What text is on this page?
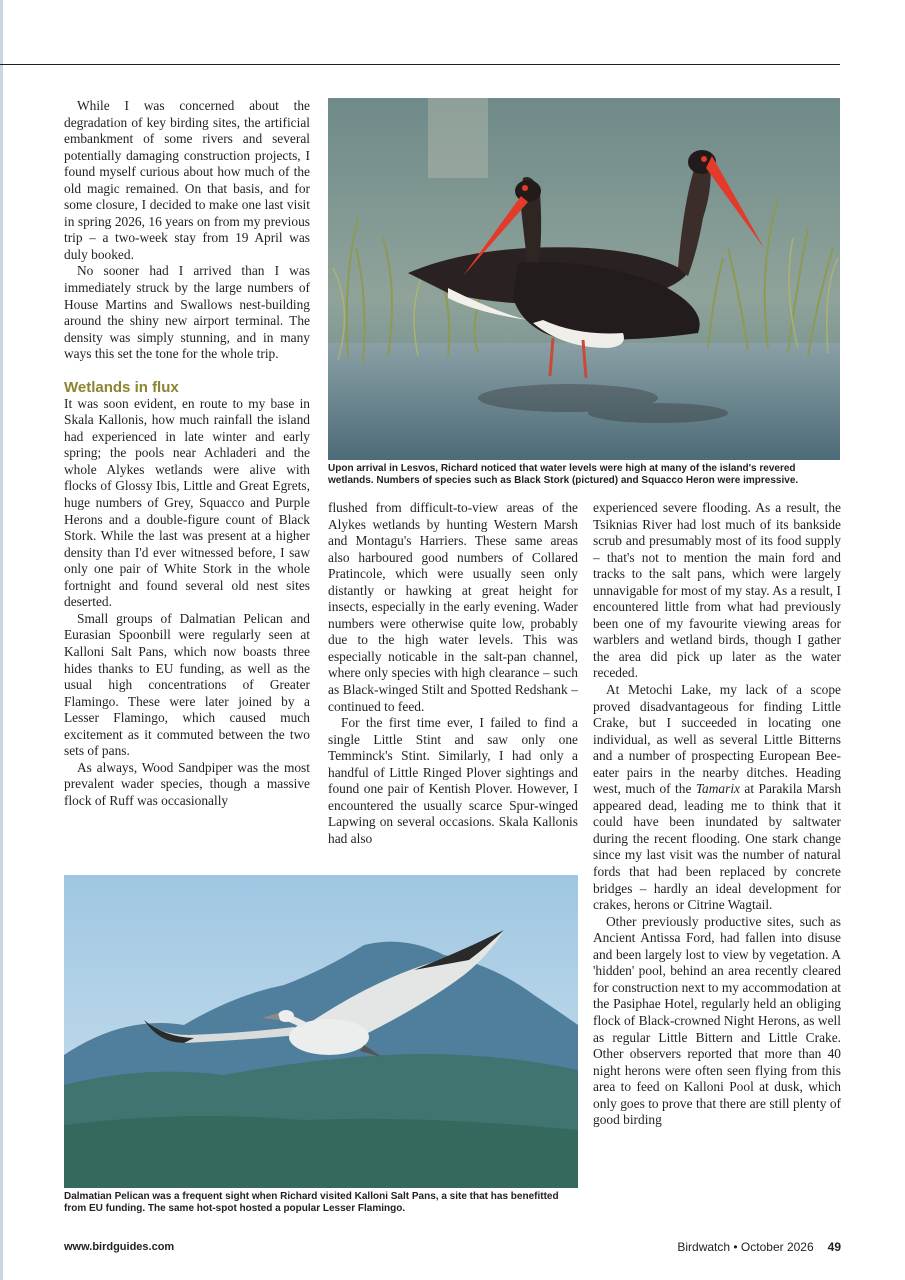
While I was concerned about the degradation of key birding sites, the artificial embankment of some rivers and several potentially damaging construction projects, I found myself curious about how much of the old magic remained. On that basis, and for some closure, I decided to make one last visit in spring 2026, 16 years on from my previous trip – a two-week stay from 19 April was duly booked.

No sooner had I arrived than I was immediately struck by the large numbers of House Martins and Swallows nest-building around the shiny new airport terminal. The density was simply stunning, and in many ways this set the tone for the whole trip.

Wetlands in flux

It was soon evident, en route to my base in Skala Kallonis, how much rainfall the island had experienced in late winter and early spring; the pools near Achladeri and the whole Alykes wetlands were alive with flocks of Glossy Ibis, Little and Great Egrets, huge numbers of Grey, Squacco and Purple Herons and a double-figure count of Black Stork. While the last was present at a higher density than I'd ever witnessed before, I saw only one pair of White Stork in the whole fortnight and found several old nest sites deserted.

Small groups of Dalmatian Pelican and Eurasian Spoonbill were regularly seen at Kalloni Salt Pans, which now boasts three hides thanks to EU funding, as well as the usual high concentrations of Greater Flamingo. These were later joined by a Lesser Flamingo, which caused much excitement as it commuted between the two sets of pans.

As always, Wood Sandpiper was the most prevalent wader species, though a massive flock of Ruff was occasionally

Upon arrival in Lesvos, Richard noticed that water levels were high at many of the island's revered wetlands. Numbers of species such as Black Stork (pictured) and Squacco Heron were impressive.

flushed from difficult-to-view areas of the Alykes wetlands by hunting Western Marsh and Montagu's Harriers. These same areas also harboured good numbers of Collared Pratincole, which were usually seen only distantly or hawking at great height for insects, especially in the early evening. Wader numbers were otherwise quite low, probably due to the high water levels. This was especially noticable in the salt-pan channel, where only species with high clearance – such as Black-winged Stilt and Spotted Redshank – continued to feed.

For the first time ever, I failed to find a single Little Stint and saw only one Temminck's Stint. Similarly, I had only a handful of Little Ringed Plover sightings and found one pair of Kentish Plover. However, I encountered the usually scarce Spur-winged Lapwing on several occasions. Skala Kallonis had also

experienced severe flooding. As a result, the Tsiknias River had lost much of its bankside scrub and presumably most of its food supply – that's not to mention the main ford and tracks to the salt pans, which were largely unnavigable for most of my stay. As a result, I encountered little from what had previously been one of my favourite viewing areas for warblers and wetland birds, though I gather the area did pick up later as the water receded.

At Metochi Lake, my lack of a scope proved disadvantageous for finding Little Crake, but I succeeded in locating one individual, as well as several Little Bitterns and a number of prospecting European Bee-eater pairs in the nearby ditches. Heading west, much of the Tamarix at Parakila Marsh appeared dead, leading me to think that it could have been inundated by saltwater during the recent flooding. One stark change since my last visit was the number of natural fords that had been replaced by concrete bridges – hardly an ideal development for crakes, herons or Citrine Wagtail.

Other previously productive sites, such as Ancient Antissa Ford, had fallen into disuse and been largely lost to view by vegetation. A 'hidden' pool, behind an area recently cleared for construction next to my accommodation at the Pasiphae Hotel, regularly held an obliging flock of Black-crowned Night Herons, as well as regular Little Bittern and Little Crake. Other observers reported that more than 40 night herons were often seen flying from this area to feed on Kalloni Pool at dusk, which only goes to prove that there are still plenty of good birding

Dalmatian Pelican was a frequent sight when Richard visited Kalloni Salt Pans, a site that has benefitted from EU funding. The same hot-spot hosted a popular Lesser Flamingo.
www.birdguides.com	Birdwatch • October 2026 49
